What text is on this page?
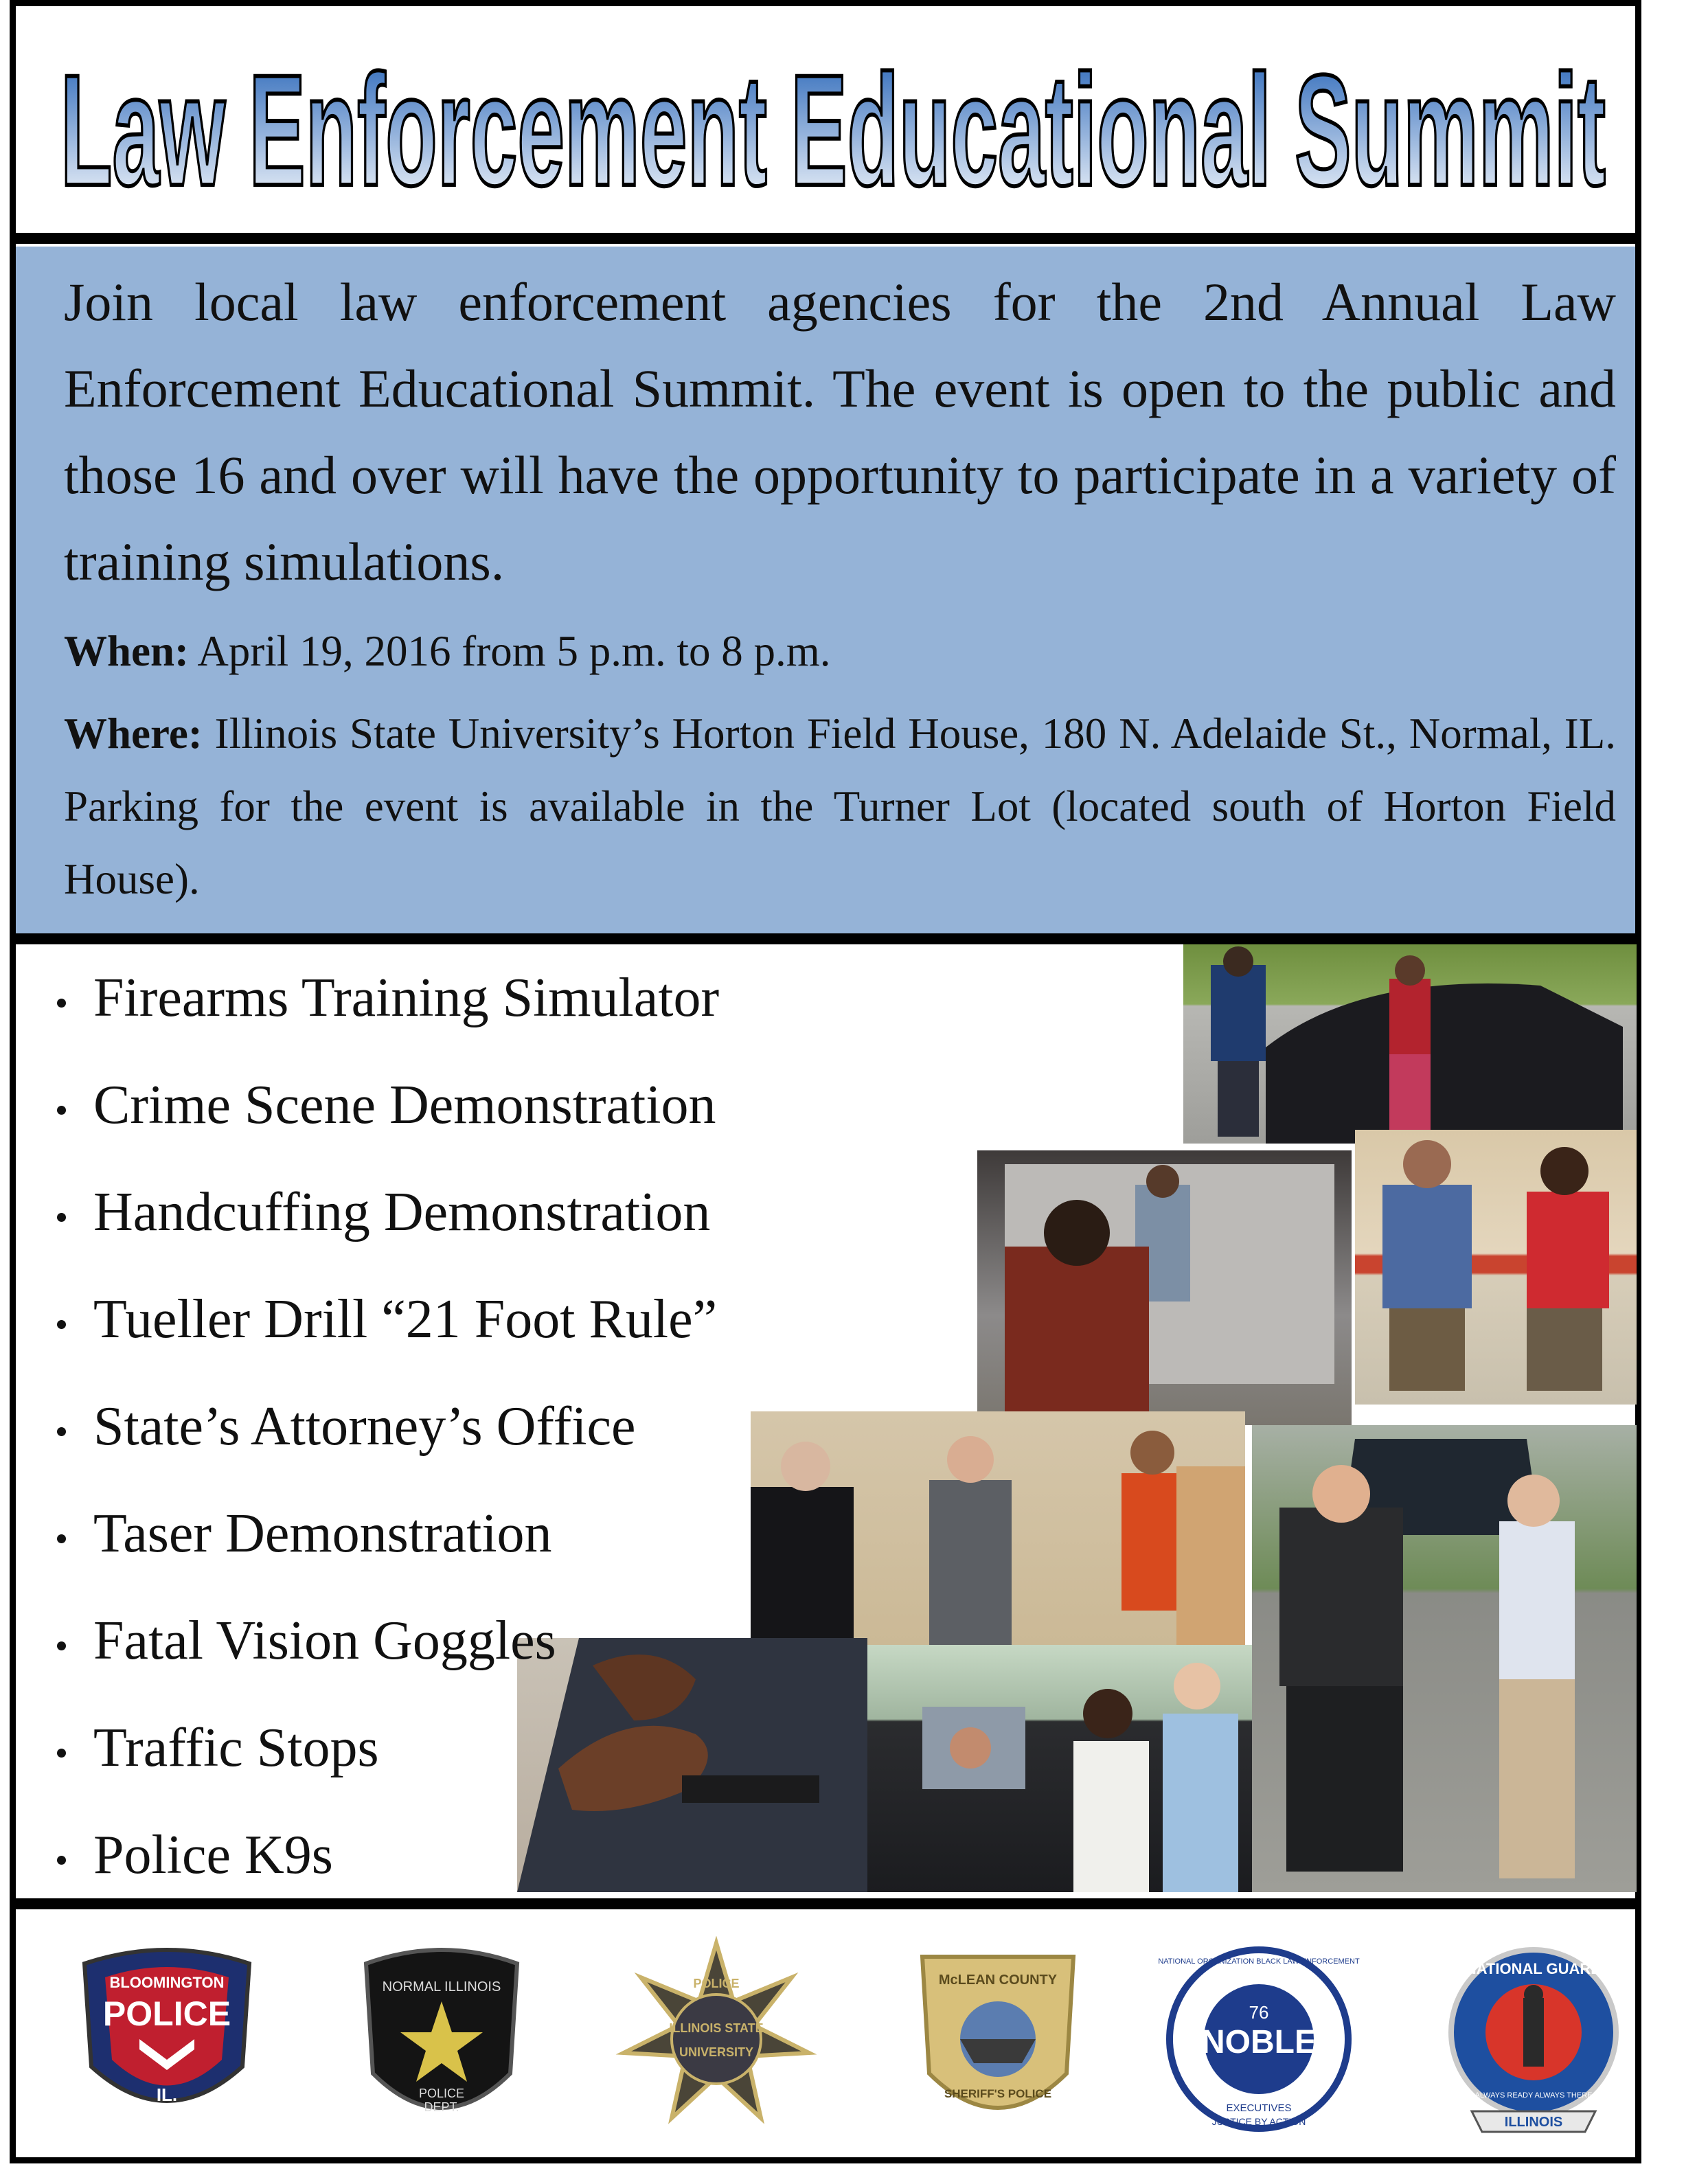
Law Enforcement Educational Summit

Join local law enforcement agencies for the 2nd Annual Law Enforcement Educational Summit. The event is open to the public and those 16 and over will have the opportunity to participate in a variety of training simulations.

When: April 19, 2016 from 5 p.m. to 8 p.m.

Where: Illinois State University’s Horton Field House, 180 N. Adelaide St., Normal, IL. Parking for the event is available in the Turner Lot (located south of Horton Field House).

Firearms Training Simulator
Crime Scene Demonstration
Handcuffing Demonstration
Tueller Drill “21 Foot Rule”
State’s Attorney’s Office
Taser Demonstration
Fatal Vision Goggles
Traffic Stops
Police K9s
BLOOMINGTON
POLICE
IL.
NORMAL ILLINOIS
POLICE
DEPT.
POLICE
ILLINOIS STATE
UNIVERSITY
McLEAN COUNTY
SHERIFF'S POLICE
NATIONAL ORGANIZATION BLACK LAW ENFORCEMENT
76
NOBLE
EXECUTIVES
JUSTICE BY ACTION
NATIONAL GUARD
ALWAYS READY ALWAYS THERE
ILLINOIS
